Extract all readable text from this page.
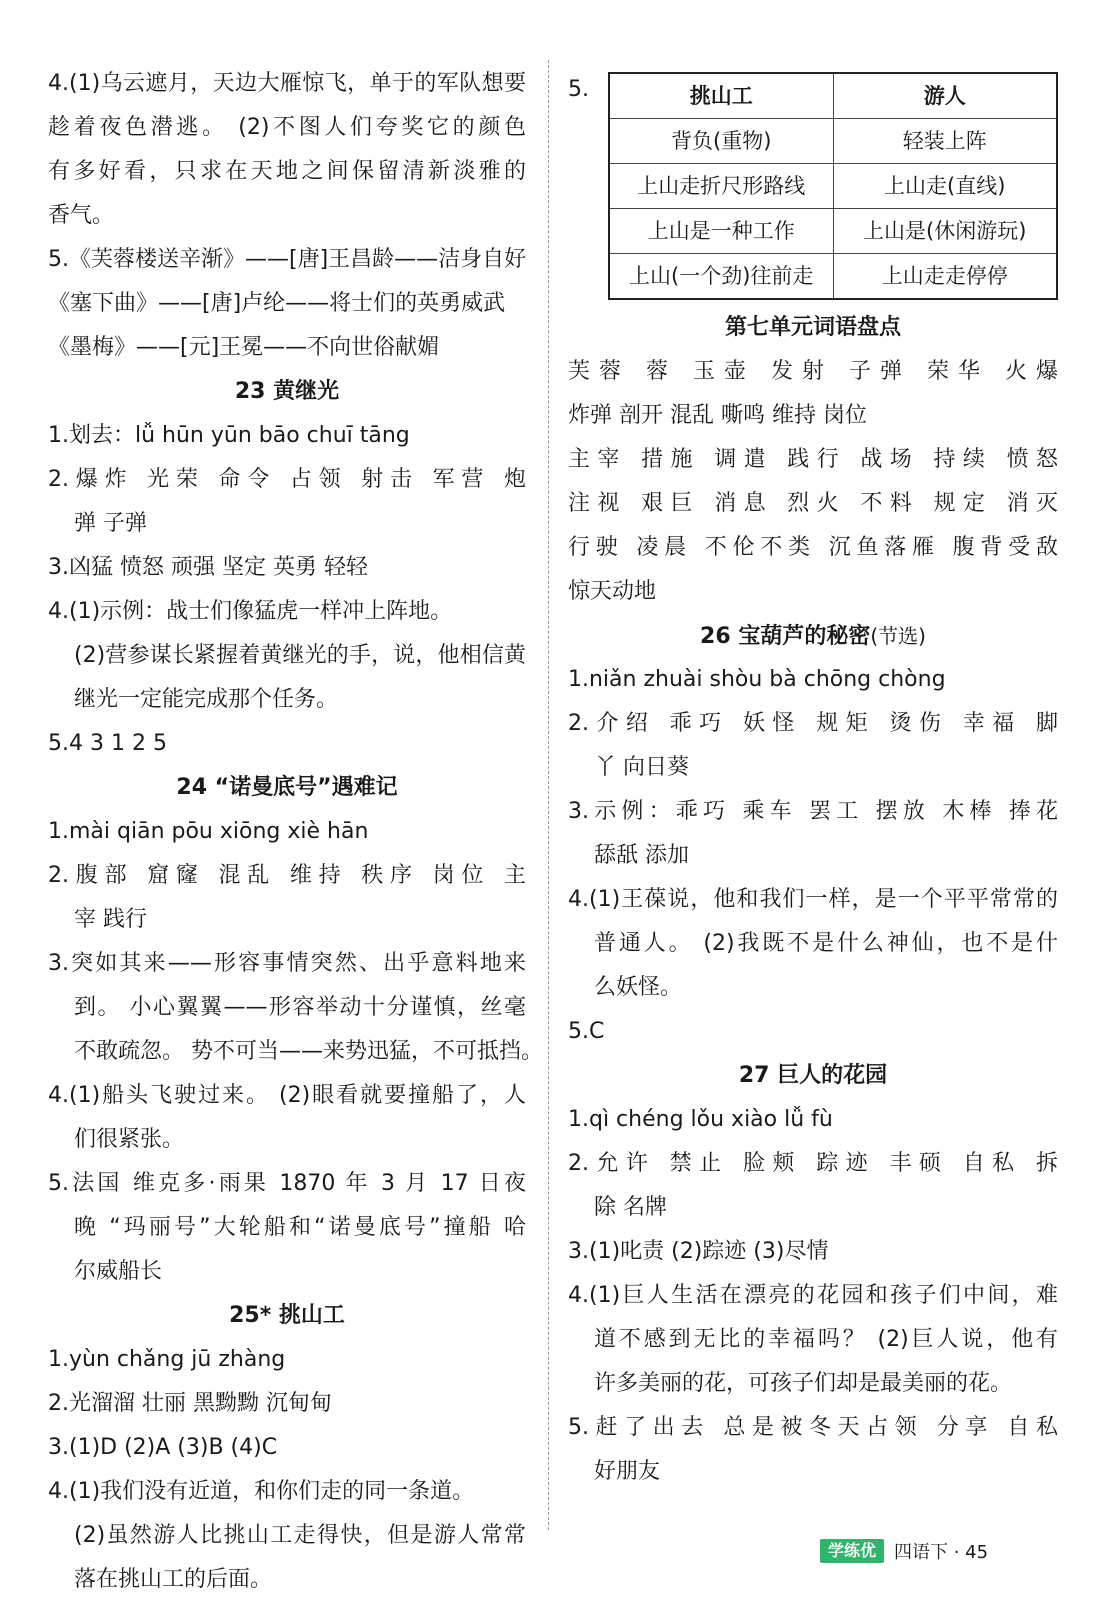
4.(1)乌云遮月，天边大雁惊飞，单于的军队想要
趁着夜色潜逃。 (2)不图人们夸奖它的颜色
有多好看，只求在天地之间保留清新淡雅的
香气。
5.《芙蓉楼送辛渐》——[唐]王昌龄——洁身自好
《塞下曲》——[唐]卢纶——将士们的英勇威武
《墨梅》——[元]王冕——不向世俗献媚
23 黄继光
1.划去：lǚ hūn yūn bāo chuī tāng
2.爆炸 光荣 命令 占领 射击 军营 炮
弹 子弹
3.凶猛 愤怒 顽强 坚定 英勇 轻轻
4.(1)示例：战士们像猛虎一样冲上阵地。
(2)营参谋长紧握着黄继光的手，说，他相信黄
继光一定能完成那个任务。
5.4 3 1 2 5
24 “诺曼底号”遇难记
1.mài qiān pōu xiōng xiè hān
2.腹部 窟窿 混乱 维持 秩序 岗位 主
宰 践行
3.突如其来——形容事情突然、出乎意料地来
到。 小心翼翼——形容举动十分谨慎，丝毫
不敢疏忽。 势不可当——来势迅猛，不可抵挡。
4.(1)船头飞驶过来。 (2)眼看就要撞船了，人
们很紧张。
5.法国 维克多·雨果 1870 年 3 月 17 日夜
晚 “玛丽号”大轮船和“诺曼底号”撞船 哈
尔威船长
25* 挑山工
1.yùn chǎng jū zhàng
2.光溜溜 壮丽 黑黝黝 沉甸甸
3.(1)D (2)A (3)B (4)C
4.(1)我们没有近道，和你们走的同一条道。
(2)虽然游人比挑山工走得快，但是游人常常
落在挑山工的后面。
5.	挑山工	游人
背负(重物)	轻装上阵
上山走折尺形路线	上山走(直线)
上山是一种工作	上山是(休闲游玩)
上山(一个劲)往前走	上山走走停停
第七单元词语盘点
芙蓉 蓉 玉壶 发射 子弹 荣华 火爆
炸弹 剖开 混乱 嘶鸣 维持 岗位
主宰 措施 调遣 践行 战场 持续 愤怒
注视 艰巨 消息 烈火 不料 规定 消灭
行驶 凌晨 不伦不类 沉鱼落雁 腹背受敌
惊天动地
26 宝葫芦的秘密(节选)
1.niǎn zhuài shòu bà chōng chòng
2.介绍 乖巧 妖怪 规矩 烫伤 幸福 脚
丫 向日葵
3.示例：乖巧 乘车 罢工 摆放 木棒 捧花
舔舐 添加
4.(1)王葆说，他和我们一样，是一个平平常常的
普通人。 (2)我既不是什么神仙，也不是什
么妖怪。
5.C
27 巨人的花园
1.qì chéng lǒu xiào lǚ fù
2.允许 禁止 脸颊 踪迹 丰硕 自私 拆
除 名牌
3.(1)叱责 (2)踪迹 (3)尽情
4.(1)巨人生活在漂亮的花园和孩子们中间，难
道不感到无比的幸福吗？ (2)巨人说，他有
许多美丽的花，可孩子们却是最美丽的花。
5.赶了出去 总是被冬天占领 分享 自私
好朋友
学练优	四语下 · 45
